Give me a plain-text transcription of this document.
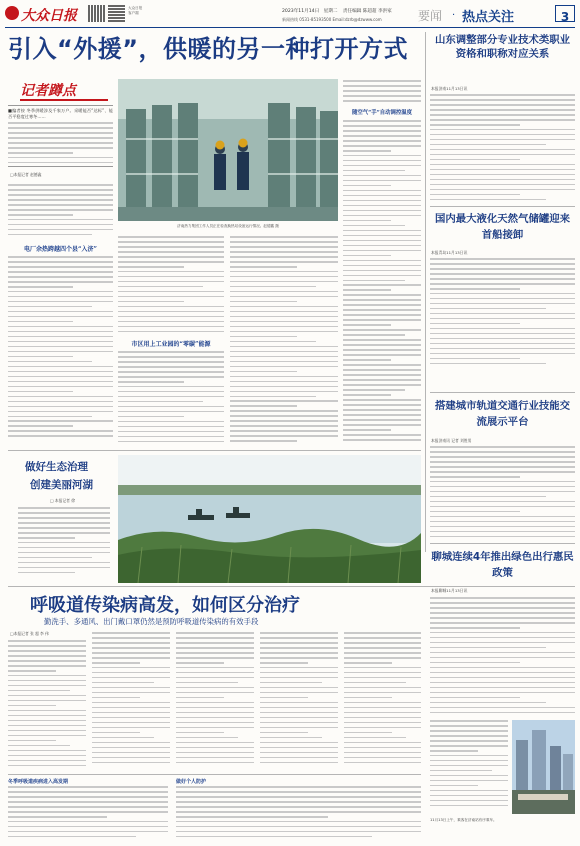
大众日报	大众日报
客户端	2023年11月14日 星期二 责任编辑 陈超超 李洪家
新闻热线 0531-85193500 Email:dzrb@dzwww.com	要闻 · 热点关注	3
引入“外援”，供暖的另一种打开方式
记者蹲点
■编者按 冬季供暖涉及千家万户。采暖能否“达标”、能否平稳度过寒冬……
□本报记者 赵德鑫
电厂余热跨越四个县“入济”
济南热力集团工作人员正在检查换热站设备运行情况。赵德鑫 摄
市区用上工业园的“零碳”能源
随空气“手”自动调控温度
做好生态治理
创建美丽河湖
□ 本报记者 徐
呼吸道传染病高发，如何区分治疗
勤洗手、多通风、出门戴口罩仍然是预防呼吸道传染病的有效手段
□本报记者 张 超 李 伟
冬季呼吸道疾病进入高发期	做好个人防护
山东调整部分专业技术类职业资格和职称对应关系
本报济南11月13日讯
国内最大液化天然气储罐迎来首船接卸
本报青岛11月13日讯
搭建城市轨道交通行业技能交流展示平台
本报济南讯 记者 刘胜男
聊城连续4年推出绿色出行惠民政策
本报聊城11月13日讯
11月13日上午，乘客在济南站有序乘车。
